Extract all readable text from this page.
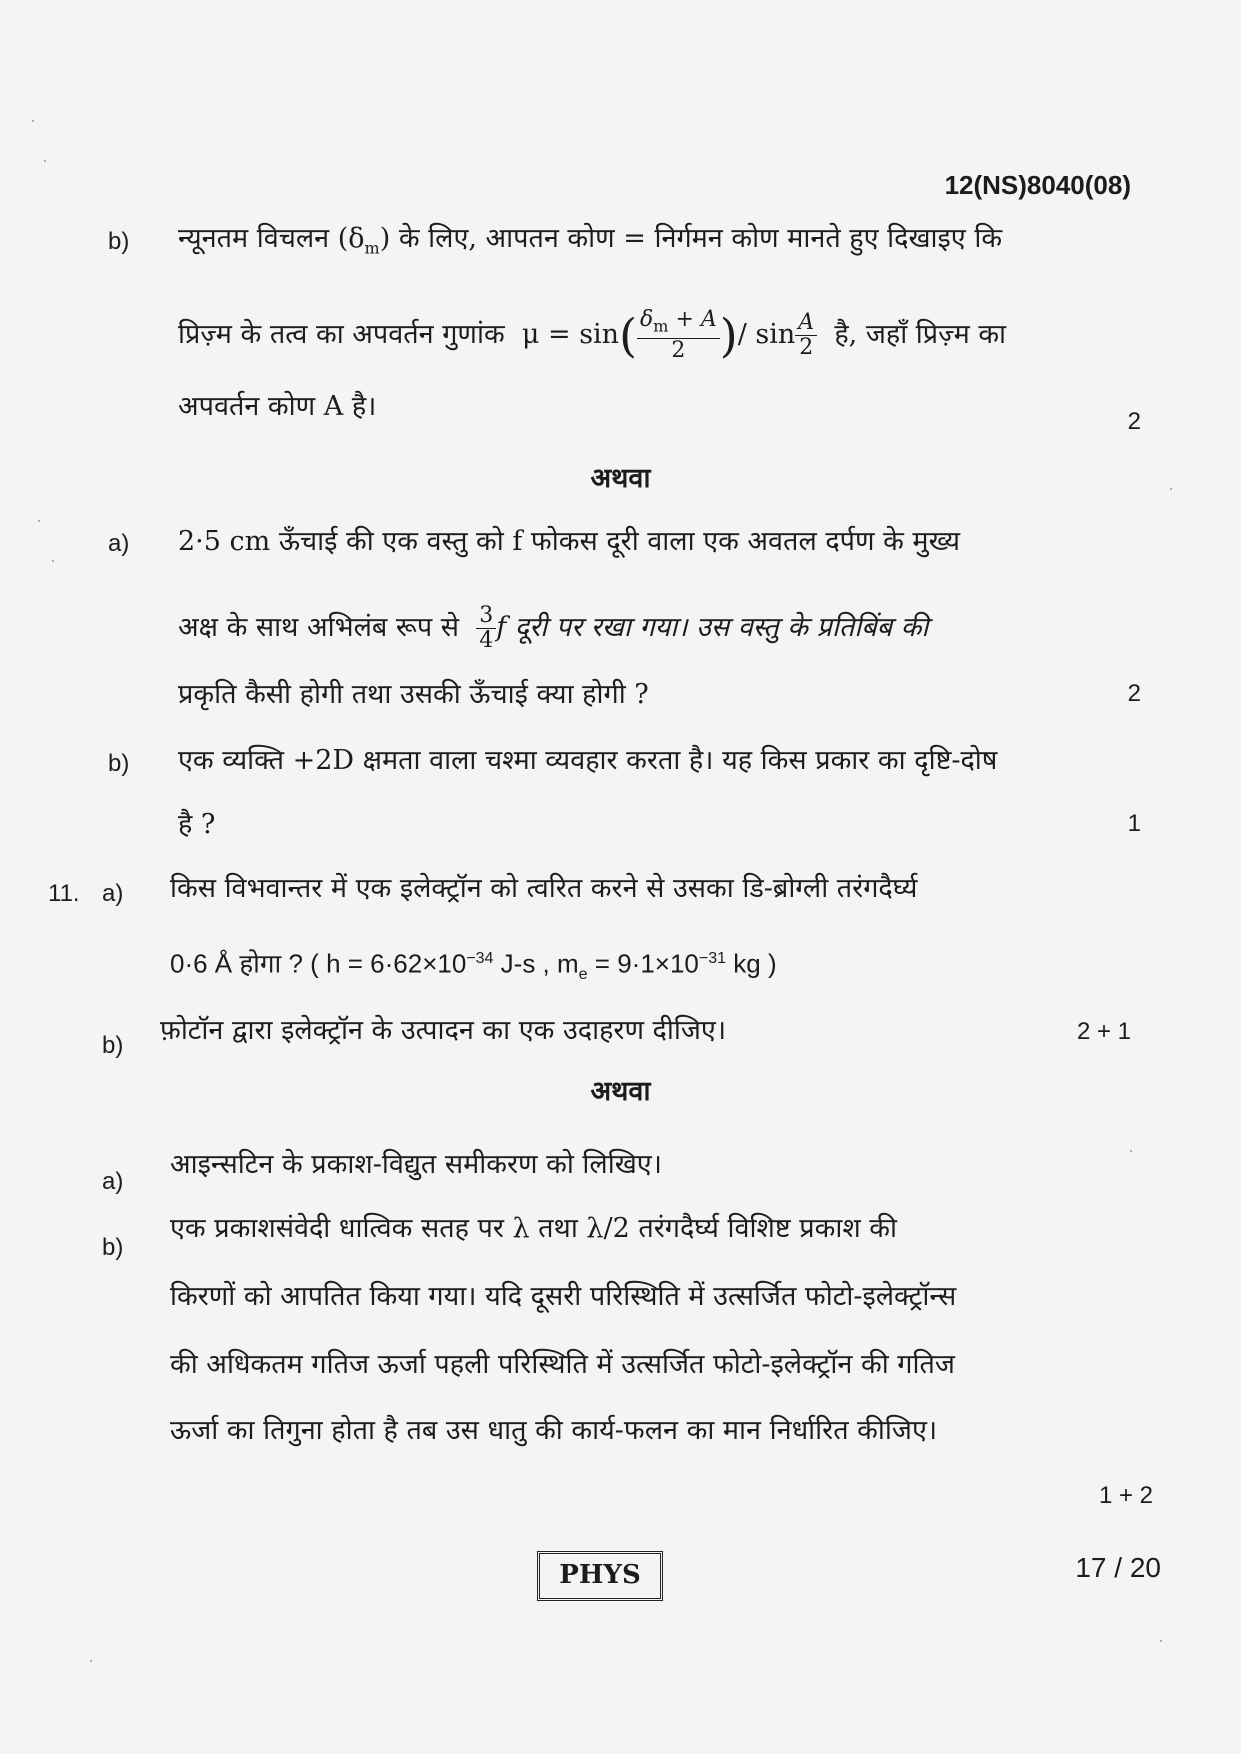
12(NS)8040(08)
b) न्यूनतम विचलन $(\delta_m)$ के लिए, आपतन कोण = निर्गमन कोण मानते हुए दिखाइए कि
प्रिज़्म के तत्व का अपवर्तन गुणांक $\mu = \sin( \frac{\delta_m + A}{2}$ )/ $\sin \frac{A}{2}$ है, जहाँ प्रिज़्म का
अपवर्तन कोण A है।	2
अथवा
a) 2·5 cm ऊँचाई की एक वस्तु को f फोकस दूरी वाला एक अवतल दर्पण के मुख्य
अक्ष के साथ अभिलंब रूप से $\frac{3}{4}$ f दूरी पर रखा गया। उस वस्तु के प्रतिबिंब की
प्रकृति कैसी होगी तथा उसकी ऊँचाई क्या होगी ?	2
b) एक व्यक्ति +2D क्षमता वाला चश्मा व्यवहार करता है। यह किस प्रकार का दृष्टि-दोष
है ?	1
11. a) किस विभवान्तर में एक इलेक्ट्रॉन को त्वरित करने से उसका डि-ब्रोग्ली तरंगदैर्घ्य
0·6 Å होगा ? ( $h = 6\cdot 62\times 10^{-34}$ J-s , $m_e = 9\cdot 1\times 10^{-31}$ kg )
b) फ़ोटॉन द्वारा इलेक्ट्रॉन के उत्पादन का एक उदाहरण दीजिए।	2 + 1
अथवा
a)
आइन्सटिन के प्रकाश-विद्युत समीकरण को लिखिए।
b)
एक प्रकाशसंवेदी धात्विक सतह पर λ तथा λ/2 तरंगदैर्घ्य विशिष्ट प्रकाश की
किरणों को आपतित किया गया। यदि दूसरी परिस्थिति में उत्सर्जित फोटो-इलेक्ट्रॉन्स
की अधिकतम गतिज ऊर्जा पहली परिस्थिति में उत्सर्जित फोटो-इलेक्ट्रॉन की गतिज
ऊर्जा का तिगुना होता है तब उस धातु की कार्य-फलन का मान निर्धारित कीजिए।
1 + 2
PHYS	17 / 20
